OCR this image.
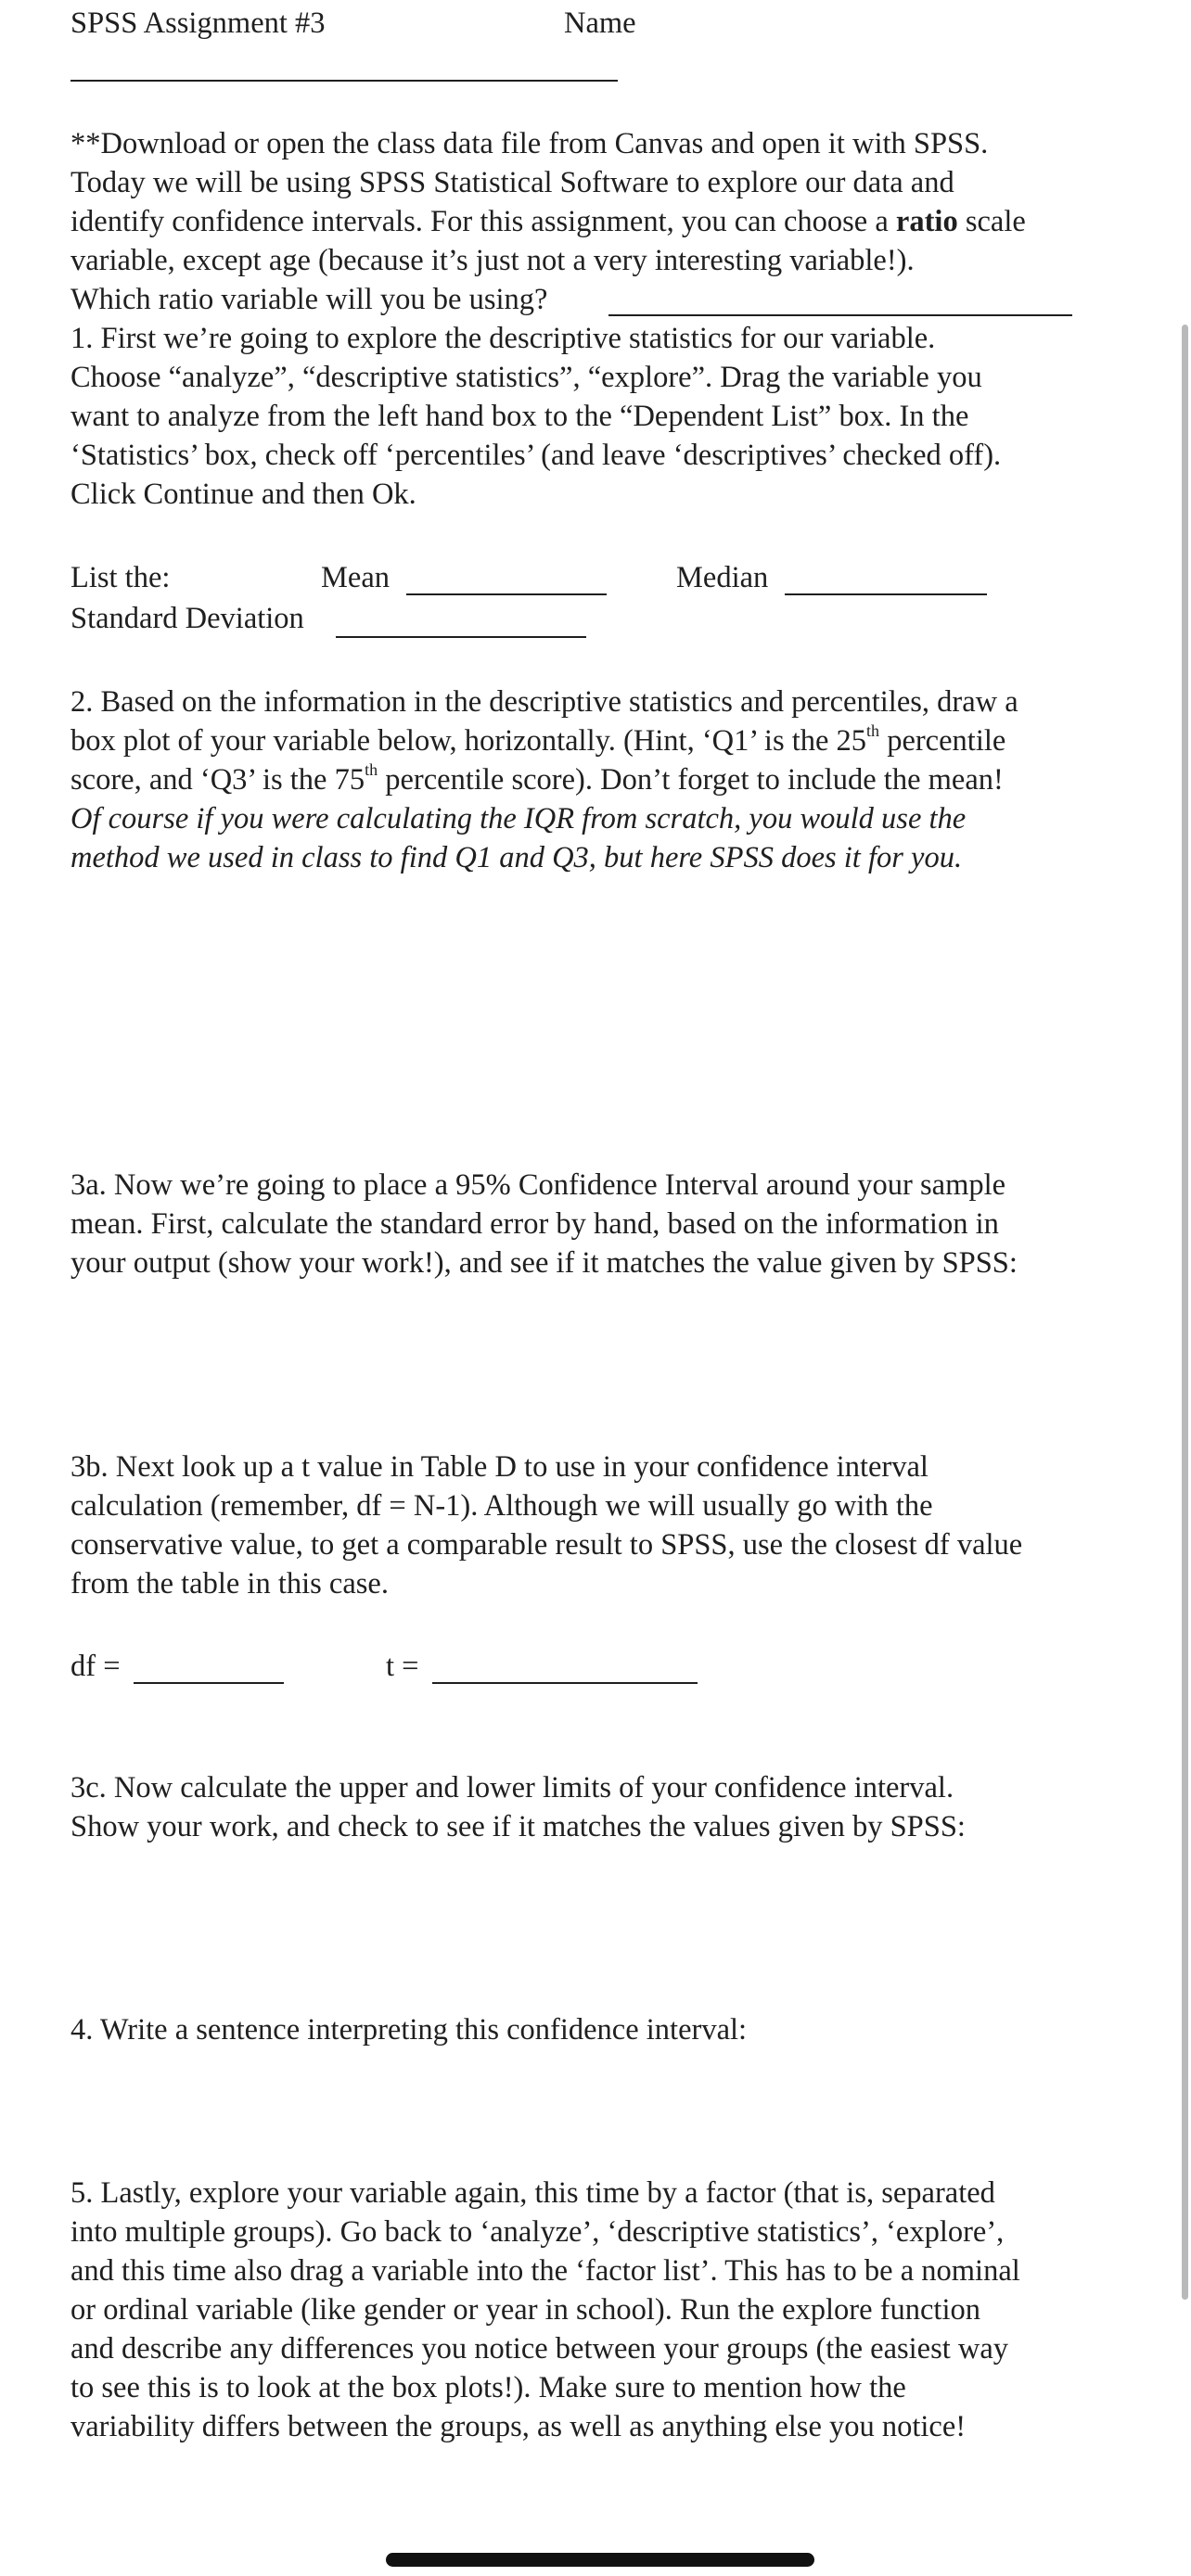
SPSS Assignment #3	Name
**Download or open the class data file from Canvas and open it with SPSS.
Today we will be using SPSS Statistical Software to explore our data and
identify confidence intervals. For this assignment, you can choose a ratio scale
variable, except age (because it’s just not a very interesting variable!).
Which ratio variable will you be using?
1. First we’re going to explore the descriptive statistics for our variable.
Choose “analyze”, “descriptive statistics”, “explore”. Drag the variable you
want to analyze from the left hand box to the “Dependent List” box. In the
‘Statistics’ box, check off ‘percentiles’ (and leave ‘descriptives’ checked off).
Click Continue and then Ok.
List the:	Mean	Median
Standard Deviation
2. Based on the information in the descriptive statistics and percentiles, draw a
box plot of your variable below, horizontally. (Hint, ‘Q1’ is the 25th percentile
score, and ‘Q3’ is the 75th percentile score). Don’t forget to include the mean!
Of course if you were calculating the IQR from scratch, you would use the
method we used in class to find Q1 and Q3, but here SPSS does it for you.
3a. Now we’re going to place a 95% Confidence Interval around your sample
mean. First, calculate the standard error by hand, based on the information in
your output (show your work!), and see if it matches the value given by SPSS:
3b. Next look up a t value in Table D to use in your confidence interval
calculation (remember, df = N-1). Although we will usually go with the
conservative value, to get a comparable result to SPSS, use the closest df value
from the table in this case.
df =	t =
3c. Now calculate the upper and lower limits of your confidence interval.
Show your work, and check to see if it matches the values given by SPSS:
4. Write a sentence interpreting this confidence interval:
5. Lastly, explore your variable again, this time by a factor (that is, separated
into multiple groups). Go back to ‘analyze’, ‘descriptive statistics’, ‘explore’,
and this time also drag a variable into the ‘factor list’. This has to be a nominal
or ordinal variable (like gender or year in school). Run the explore function
and describe any differences you notice between your groups (the easiest way
to see this is to look at the box plots!). Make sure to mention how the
variability differs between the groups, as well as anything else you notice!
